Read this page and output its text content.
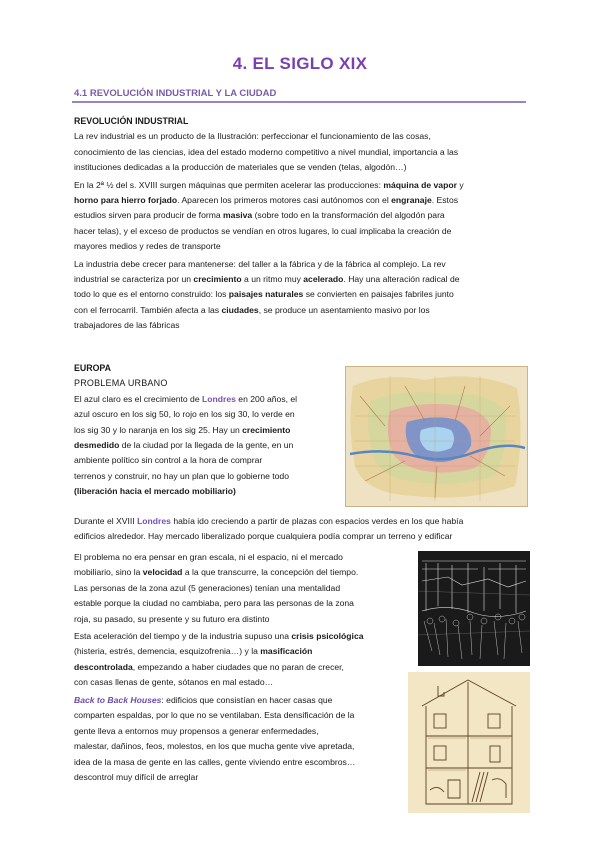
4. EL SIGLO XIX
4.1 REVOLUCIÓN INDUSTRIAL Y LA CIUDAD

REVOLUCIÓN INDUSTRIAL

La rev industrial es un producto de la Ilustración: perfeccionar el funcionamiento de las cosas,

conocimiento de las ciencias, idea del estado moderno competitivo a nivel mundial, importancia a las

instituciones dedicadas a la producción de materiales que se venden (telas, algodón…)

En la 2ª ½ del s. XVIII surgen máquinas que permiten acelerar las producciones: máquina de vapor y

horno para hierro forjado. Aparecen los primeros motores casi autónomos con el engranaje. Estos

estudios sirven para producir de forma masiva (sobre todo en la transformación del algodón para

hacer telas), y el exceso de productos se vendían en otros lugares, lo cual implicaba la creación de

mayores medios y redes de transporte

La industria debe crecer para mantenerse: del taller a la fábrica y de la fábrica al complejo. La rev

industrial se caracteriza por un crecimiento a un ritmo muy acelerado. Hay una alteración radical de

todo lo que es el entorno construido: los paisajes naturales se convierten en paisajes fabriles junto

con el ferrocarril. También afecta a las ciudades, se produce un asentamiento masivo por los

trabajadores de las fábricas

EUROPA

PROBLEMA URBANO

El azul claro es el crecimiento de Londres en 200 años, el

azul oscuro en los sig 50, lo rojo en los sig 30, lo verde en

los sig 30 y lo naranja en los sig 25. Hay un crecimiento

desmedido de la ciudad por la llegada de la gente, en un

ambiente político sin control a la hora de comprar

terrenos y construir, no hay un plan que lo gobierne todo

(liberación hacia el mercado mobiliario)

Durante el XVIII Londres había ido creciendo a partir de plazas con espacios verdes en los que había

edificios alrededor. Hay mercado liberalizado porque cualquiera podía comprar un terreno y edificar

El problema no era pensar en gran escala, ni el espacio, ni el mercado

mobiliario, sino la velocidad a la que transcurre, la concepción del tiempo.

Las personas de la zona azul (5 generaciones) tenían una mentalidad

estable porque la ciudad no cambiaba, pero para las personas de la zona

roja, su pasado, su presente y su futuro era distinto

Esta aceleración del tiempo y de la industria supuso una crisis psicológica

(histeria, estrés, demencia, esquizofrenia…) y la masificación

descontrolada, empezando a haber ciudades que no paran de crecer,

con casas llenas de gente, sótanos en mal estado…

Back to Back Houses: edificios que consistían en hacer casas que

comparten espaldas, por lo que no se ventilaban. Esta densificación de la

gente lleva a entornos muy propensos a generar enfermedades,

malestar, dañinos, feos, molestos, en los que mucha gente vive apretada,

idea de la masa de gente en las calles, gente viviendo entre escombros…

descontrol muy difícil de arreglar
